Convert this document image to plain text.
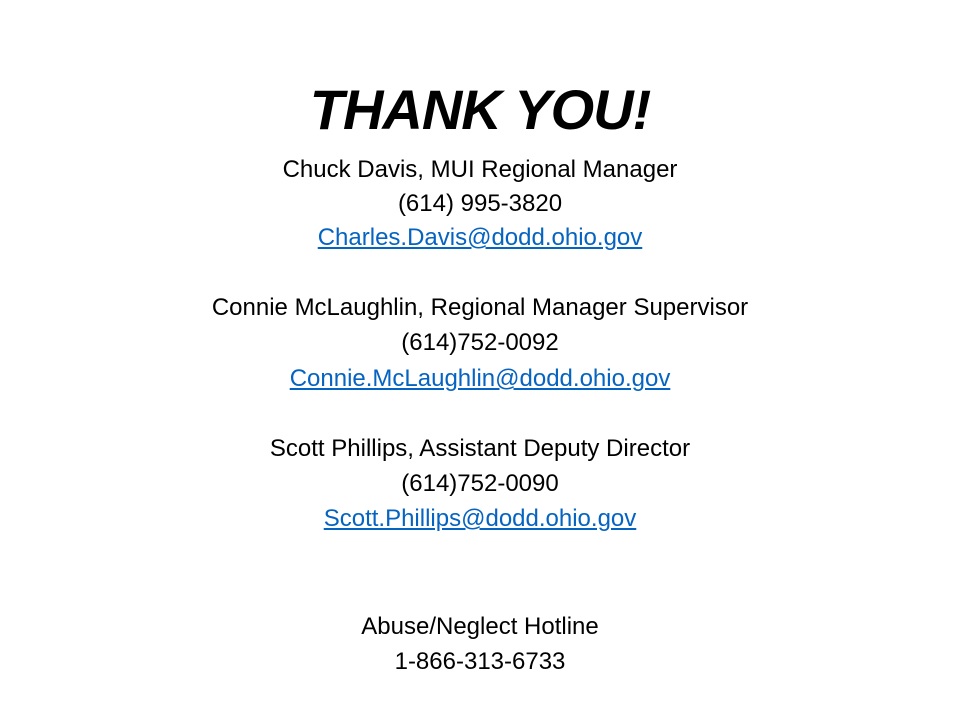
THANK YOU!
Chuck Davis, MUI Regional Manager
(614) 995-3820
Charles.Davis@dodd.ohio.gov
Connie McLaughlin, Regional Manager Supervisor
(614)752-0092
Connie.McLaughlin@dodd.ohio.gov
Scott Phillips, Assistant Deputy Director
(614)752-0090
Scott.Phillips@dodd.ohio.gov
Abuse/Neglect Hotline
1-866-313-6733
